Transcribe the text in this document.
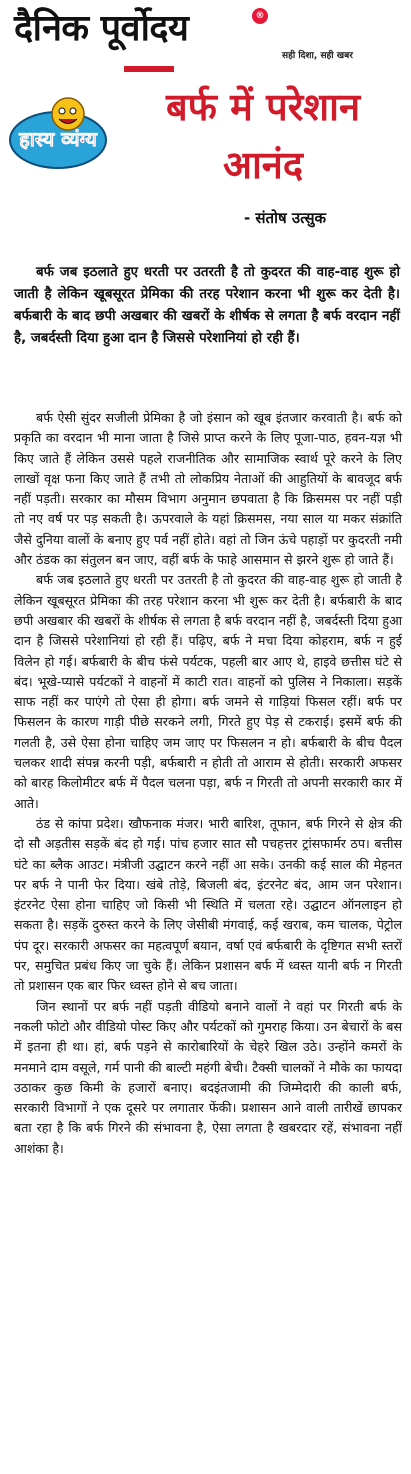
दैनिक पूर्वोदय	®
सही दिशा, सही खबर
हास्य व्यंग्य
बर्फ में परेशान
आनंद
- संतोष उत्सुक
बर्फ जब इठलाते हुए धरती पर उतरती है तो कुदरत की वाह-वाह शुरू हो जाती है लेकिन खूबसूरत प्रेमिका की तरह परेशान करना भी शुरू कर देती है। बर्फबारी के बाद छपी अखबार की खबरों के शीर्षक से लगता है बर्फ वरदान नहीं है, जबर्दस्ती दिया हुआ दान है जिससे परेशानियां हो रही हैं।

बर्फ ऐसी सुंदर सजीली प्रेमिका है जो इंसान को खूब इंतजार करवाती है। बर्फ को प्रकृति का वरदान भी माना जाता है जिसे प्राप्त करने के लिए पूजा-पाठ, हवन-यज्ञ भी किए जाते हैं लेकिन उससे पहले राजनीतिक और सामाजिक स्वार्थ पूरे करने के लिए लाखों वृक्ष फना किए जाते हैं तभी तो लोकप्रिय नेताओं की आहुतियों के बावजूद बर्फ नहीं पड़ती। सरकार का मौसम विभाग अनुमान छपवाता है कि क्रिसमस पर नहीं पड़ी तो नए वर्ष पर पड़ सकती है। ऊपरवाले के यहां क्रिसमस, नया साल या मकर संक्रांति जैसे दुनिया वालों के बनाए हुए पर्व नहीं होते। वहां तो जिन ऊंचे पहाड़ों पर कुदरती नमी और ठंडक का संतुलन बन जाए, वहीं बर्फ के फाहे आसमान से झरने शुरू हो जाते हैं।

बर्फ जब इठलाते हुए धरती पर उतरती है तो कुदरत की वाह-वाह शुरू हो जाती है लेकिन खूबसूरत प्रेमिका की तरह परेशान करना भी शुरू कर देती है। बर्फबारी के बाद छपी अखबार की खबरों के शीर्षक से लगता है बर्फ वरदान नहीं है, जबर्दस्ती दिया हुआ दान है जिससे परेशानियां हो रही हैं। पढ़िए, बर्फ ने मचा दिया कोहराम, बर्फ न हुई विलेन हो गई। बर्फबारी के बीच फंसे पर्यटक, पहली बार आए थे, हाइवे छत्तीस घंटे से बंद। भूखे-प्यासे पर्यटकों ने वाहनों में काटी रात। वाहनों को पुलिस ने निकाला। सड़कें साफ नहीं कर पाएंगे तो ऐसा ही होगा। बर्फ जमने से गाड़ियां फिसल रहीं। बर्फ पर फिसलन के कारण गाड़ी पीछे सरकने लगी, गिरते हुए पेड़ से टकराई। इसमें बर्फ की गलती है, उसे ऐसा होना चाहिए जम जाए पर फिसलन न हो। बर्फबारी के बीच पैदल चलकर शादी संपन्न करनी पड़ी, बर्फबारी न होती तो आराम से होती। सरकारी अफसर को बारह किलोमीटर बर्फ में पैदल चलना पड़ा, बर्फ न गिरती तो अपनी सरकारी कार में आते।

ठंड से कांपा प्रदेश। खौफनाक मंजर। भारी बारिश, तूफान, बर्फ गिरने से क्षेत्र की दो सौ अड़तीस सड़कें बंद हो गई। पांच हजार सात सौ पचहत्तर ट्रांसफार्मर ठप। बत्तीस घंटे का ब्लैक आउट। मंत्रीजी उद्घाटन करने नहीं आ सके। उनकी कई साल की मेहनत पर बर्फ ने पानी फेर दिया। खंबे तोड़े, बिजली बंद, इंटरनेट बंद, आम जन परेशान। इंटरनेट ऐसा होना चाहिए जो किसी भी स्थिति में चलता रहे। उद्घाटन ऑनलाइन हो सकता है। सड़कें दुरुस्त करने के लिए जेसीबी मंगवाई, कई खराब, कम चालक, पेट्रोल पंप दूर। सरकारी अफसर का महत्वपूर्ण बयान, वर्षा एवं बर्फबारी के दृष्टिगत सभी स्तरों पर, समुचित प्रबंध किए जा चुके हैं। लेकिन प्रशासन बर्फ में ध्वस्त यानी बर्फ न गिरती तो प्रशासन एक बार फिर ध्वस्त होने से बच जाता।

जिन स्थानों पर बर्फ नहीं पड़ती वीडियो बनाने वालों ने वहां पर गिरती बर्फ के नकली फोटो और वीडियो पोस्ट किए और पर्यटकों को गुमराह किया। उन बेचारों के बस में इतना ही था। हां, बर्फ पड़ने से कारोबारियों के चेहरे खिल उठे। उन्होंने कमरों के मनमाने दाम वसूले, गर्म पानी की बाल्टी महंगी बेची। टैक्सी चालकों ने मौके का फायदा उठाकर कुछ किमी के हजारों बनाए। बदइंतजामी की जिम्मेदारी की काली बर्फ, सरकारी विभागों ने एक दूसरे पर लगातार फेंकी। प्रशासन आने वाली तारीखें छापकर बता रहा है कि बर्फ गिरने की संभावना है, ऐसा लगता है खबरदार रहें, संभावना नहीं आशंका है।
